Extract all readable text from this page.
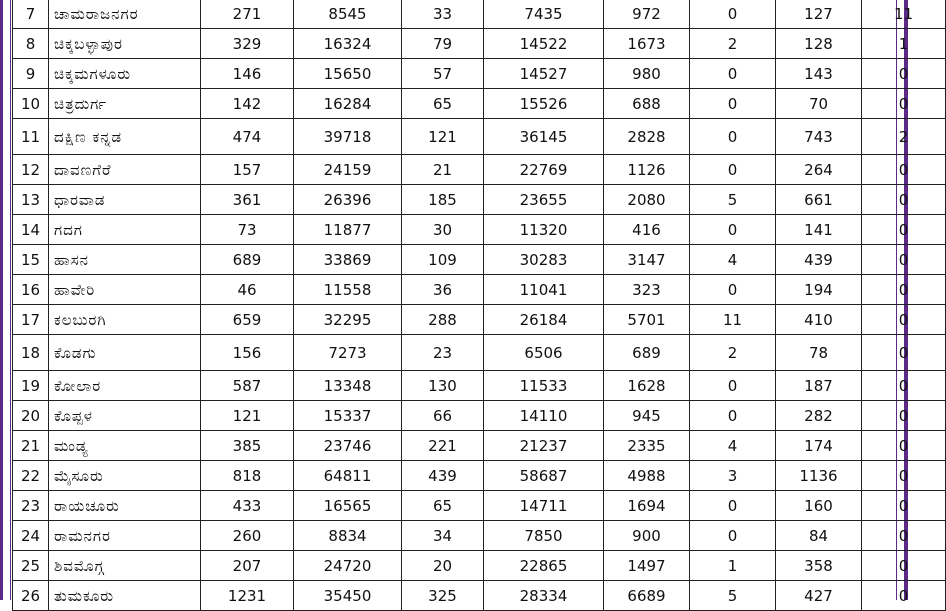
7	ಚಾಮರಾಜನಗರ	271	8545	33	7435	972	0	127	11
8	ಚಿಕ್ಕಬಳ್ಳಾಪುರ	329	16324	79	14522	1673	2	128	1
9	ಚಿಕ್ಕಮಗಳೂರು	146	15650	57	14527	980	0	143	0
10	ಚಿತ್ರದುರ್ಗ	142	16284	65	15526	688	0	70	0
11	ದಕ್ಷಿಣ ಕನ್ನಡ	474	39718	121	36145	2828	0	743	2
12	ದಾವಣಗೆರೆ	157	24159	21	22769	1126	0	264	0
13	ಧಾರವಾಡ	361	26396	185	23655	2080	5	661	0
14	ಗದಗ	73	11877	30	11320	416	0	141	0
15	ಹಾಸನ	689	33869	109	30283	3147	4	439	0
16	ಹಾವೇರಿ	46	11558	36	11041	323	0	194	0
17	ಕಲಬುರಗಿ	659	32295	288	26184	5701	11	410	0
18	ಕೊಡಗು	156	7273	23	6506	689	2	78	0
19	ಕೋಲಾರ	587	13348	130	11533	1628	0	187	0
20	ಕೊಪ್ಪಳ	121	15337	66	14110	945	0	282	0
21	ಮಂಡ್ಯ	385	23746	221	21237	2335	4	174	0
22	ಮೈಸೂರು	818	64811	439	58687	4988	3	1136	0
23	ರಾಯಚೂರು	433	16565	65	14711	1694	0	160	0
24	ರಾಮನಗರ	260	8834	34	7850	900	0	84	0
25	ಶಿವಮೊಗ್ಗ	207	24720	20	22865	1497	1	358	0
26	ತುಮಕೂರು	1231	35450	325	28334	6689	5	427	0
